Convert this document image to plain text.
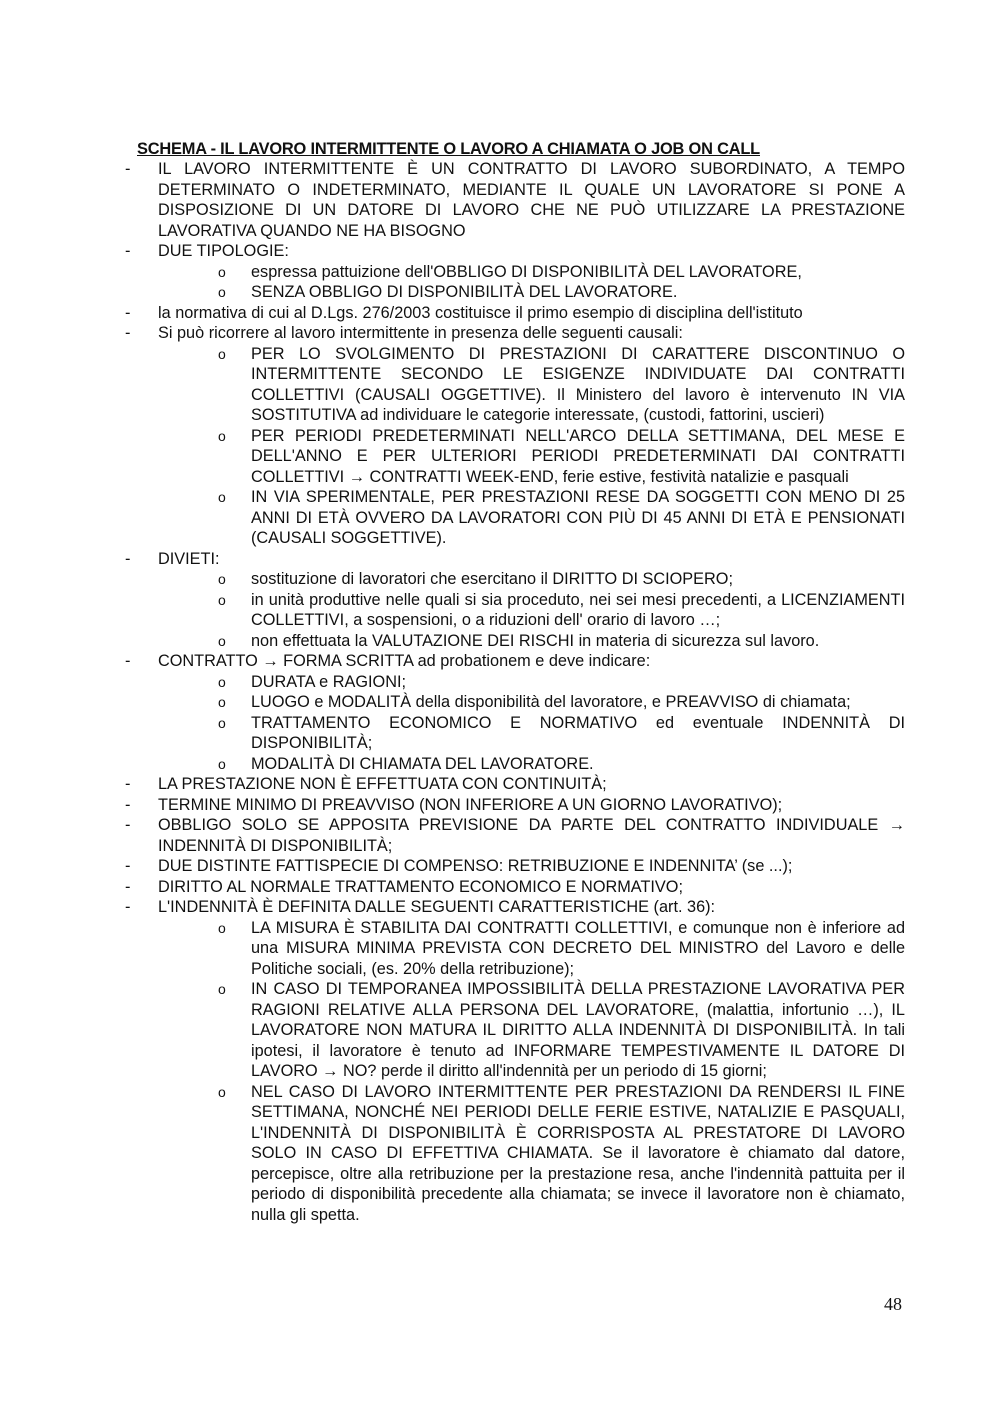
SCHEMA - IL LAVORO INTERMITTENTE O LAVORO A CHIAMATA O JOB ON CALL
- IL LAVORO INTERMITTENTE È UN CONTRATTO DI LAVORO SUBORDINATO, A TEMPO DETERMINATO O INDETERMINATO, MEDIANTE IL QUALE UN LAVORATORE SI PONE A DISPOSIZIONE DI UN DATORE DI LAVORO CHE NE PUÒ UTILIZZARE LA PRESTAZIONE LAVORATIVA QUANDO NE HA BISOGNO
- DUE TIPOLOGIE:
o espressa pattuizione dell'OBBLIGO DI DISPONIBILITÀ DEL LAVORATORE,
o SENZA OBBLIGO DI DISPONIBILITÀ DEL LAVORATORE.
- la normativa di cui al D.Lgs. 276/2003 costituisce il primo esempio di disciplina dell'istituto
- Si può ricorrere al lavoro intermittente in presenza delle seguenti causali:
o PER LO SVOLGIMENTO DI PRESTAZIONI DI CARATTERE DISCONTINUO O INTERMITTENTE SECONDO LE ESIGENZE INDIVIDUATE DAI CONTRATTI COLLETTIVI (CAUSALI OGGETTIVE). Il Ministero del lavoro è intervenuto IN VIA SOSTITUTIVA ad individuare le categorie interessate, (custodi, fattorini, uscieri)
o PER PERIODI PREDETERMINATI NELL'ARCO DELLA SETTIMANA, DEL MESE E DELL'ANNO E PER ULTERIORI PERIODI PREDETERMINATI DAI CONTRATTI COLLETTIVI → CONTRATTI WEEK-END, ferie estive, festività natalizie e pasquali
o IN VIA SPERIMENTALE, PER PRESTAZIONI RESE DA SOGGETTI CON MENO DI 25 ANNI DI ETÀ OVVERO DA LAVORATORI CON PIÙ DI 45 ANNI DI ETÀ E PENSIONATI (CAUSALI SOGGETTIVE).
- DIVIETI:
o sostituzione di lavoratori che esercitano il DIRITTO DI SCIOPERO;
o in unità produttive nelle quali si sia proceduto, nei sei mesi precedenti, a LICENZIAMENTI COLLETTIVI, a sospensioni, o a riduzioni dell' orario di lavoro …;
o non effettuata la VALUTAZIONE DEI RISCHI in materia di sicurezza sul lavoro.
- CONTRATTO → FORMA SCRITTA ad probationem e deve indicare:
o DURATA e RAGIONI;
o LUOGO e MODALITÀ della disponibilità del lavoratore, e PREAVVISO di chiamata;
o TRATTAMENTO ECONOMICO E NORMATIVO ed eventuale INDENNITÀ DI DISPONIBILITÀ;
o MODALITÀ DI CHIAMATA DEL LAVORATORE.
- LA PRESTAZIONE NON È EFFETTUATA CON CONTINUITÀ;
- TERMINE MINIMO DI PREAVVISO (NON INFERIORE A UN GIORNO LAVORATIVO);
- OBBLIGO SOLO SE APPOSITA PREVISIONE DA PARTE DEL CONTRATTO INDIVIDUALE → INDENNITÀ DI DISPONIBILITÀ;
- DUE DISTINTE FATTISPECIE DI COMPENSO: RETRIBUZIONE E INDENNITA’ (se ...);
- DIRITTO AL NORMALE TRATTAMENTO ECONOMICO E NORMATIVO;
- L'INDENNITÀ È DEFINITA DALLE SEGUENTI CARATTERISTICHE (art. 36):
o LA MISURA È STABILITA DAI CONTRATTI COLLETTIVI, e comunque non è inferiore ad una MISURA MINIMA PREVISTA CON DECRETO DEL MINISTRO del Lavoro e delle Politiche sociali, (es. 20% della retribuzione);
o IN CASO DI TEMPORANEA IMPOSSIBILITÀ DELLA PRESTAZIONE LAVORATIVA PER RAGIONI RELATIVE ALLA PERSONA DEL LAVORATORE, (malattia, infortunio …), IL LAVORATORE NON MATURA IL DIRITTO ALLA INDENNITÀ DI DISPONIBILITÀ. In tali ipotesi, il lavoratore è tenuto ad INFORMARE TEMPESTIVAMENTE IL DATORE DI LAVORO → NO? perde il diritto all'indennità per un periodo di 15 giorni;
o NEL CASO DI LAVORO INTERMITTENTE PER PRESTAZIONI DA RENDERSI IL FINE SETTIMANA, NONCHÉ NEI PERIODI DELLE FERIE ESTIVE, NATALIZIE E PASQUALI, L'INDENNITÀ DI DISPONIBILITÀ È CORRISPOSTA AL PRESTATORE DI LAVORO SOLO IN CASO DI EFFETTIVA CHIAMATA. Se il lavoratore è chiamato dal datore, percepisce, oltre alla retribuzione per la prestazione resa, anche l'indennità pattuita per il periodo di disponibilità precedente alla chiamata; se invece il lavoratore non è chiamato, nulla gli spetta.
48
